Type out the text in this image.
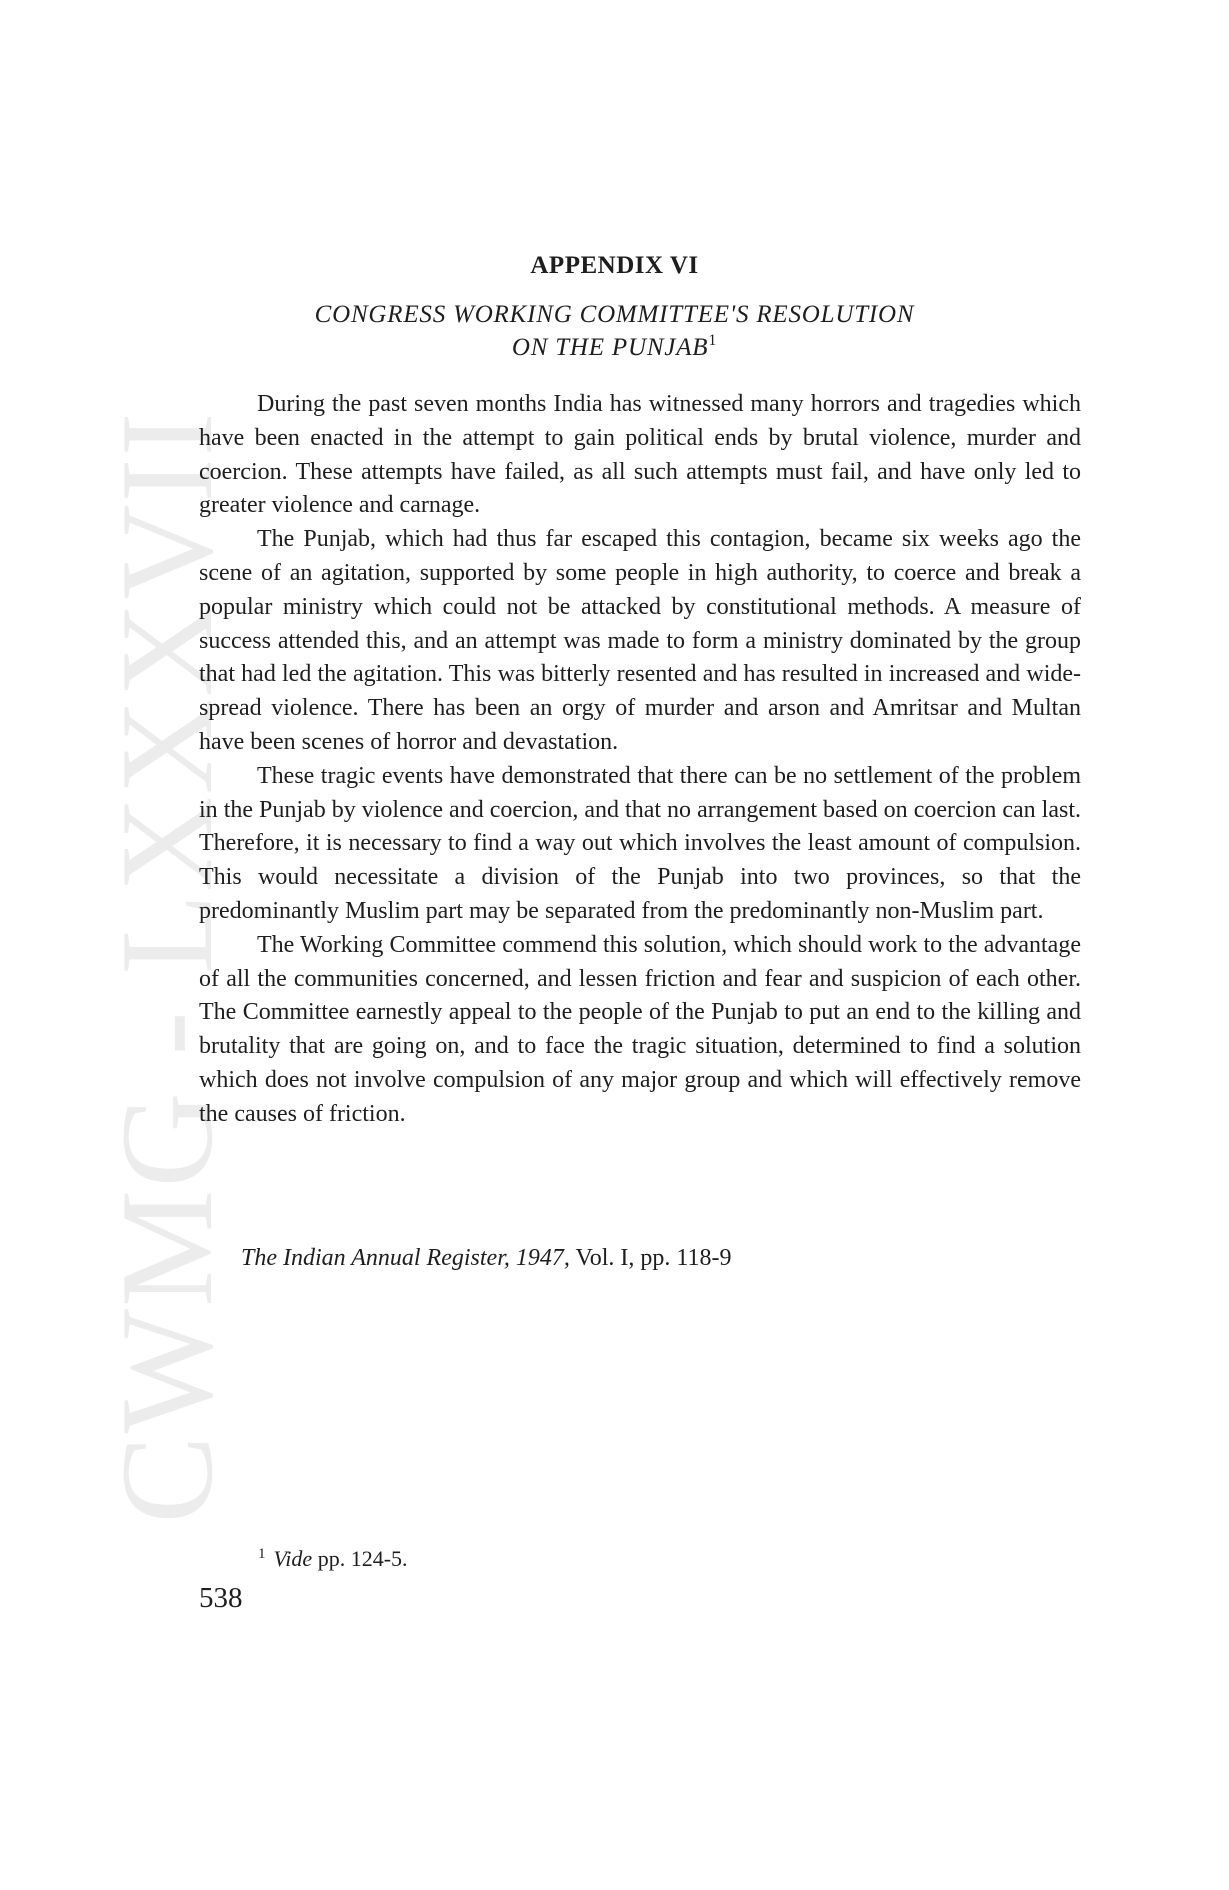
CWMG - LXXXVII
APPENDIX VI
CONGRESS WORKING COMMITTEE'S RESOLUTION
ON THE PUNJAB$^1$

During the past seven months India has witnessed many horrors and tragedies which have been enacted in the attempt to gain political ends by brutal violence, murder and coercion. These attempts have failed, as all such attempts must fail, and have only led to greater violence and carnage.

The Punjab, which had thus far escaped this contagion, became six weeks ago the scene of an agitation, supported by some people in high authority, to coerce and break a popular ministry which could not be attacked by constitutional methods. A measure of success attended this, and an attempt was made to form a ministry dominated by the group that had led the agitation. This was bitterly resented and has resulted in increased and wide-spread violence. There has been an orgy of murder and arson and Amritsar and Multan have been scenes of horror and devastation.

These tragic events have demonstrated that there can be no settlement of the problem in the Punjab by violence and coercion, and that no arrangement based on coercion can last. Therefore, it is necessary to find a way out which involves the least amount of compulsion. This would necessitate a division of the Punjab into two provinces, so that the predominantly Muslim part may be separated from the predominantly non-Muslim part.

The Working Committee commend this solution, which should work to the advantage of all the communities concerned, and lessen friction and fear and suspicion of each other. The Committee earnestly appeal to the people of the Punjab to put an end to the killing and brutality that are going on, and to face the tragic situation, determined to find a solution which does not involve compulsion of any major group and which will effectively remove the causes of friction.

The Indian Annual Register, 1947, Vol. I, pp. 118-9
$^1$ Vide pp. 124-5.
538
